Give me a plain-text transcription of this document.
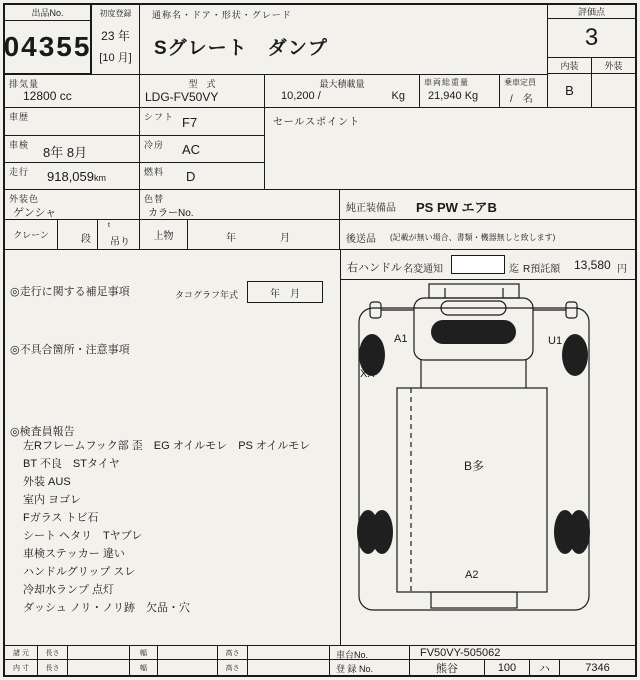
出品No.
04355
初度登録
23 年
[10 月]
通称名・ドア・形状・グレード
Sグレート　ダンプ
評価点
3
内装	外装
B
排気量
12800 cc
型　式
LDG-FV50VY
最大積載量
10,200 /	Kg
車両総重量
21,940 Kg
乗車定員
/　名
車歴	シフト F7	セールスポイント
車検 8年 8月	冷房 AC
走行 918,059km
燃料 D
外装色
ゲンシャ
色替
カラーNo.	純正装備品 PS PW エアB
クレーン	段
t
吊り
上物	年	月	後送品 (記載が無い場合、書類・機器無しと致します)
右ハンドル 名変通知	迄 R預託額 13,580 円
◎走行に関する補足事項	タコグラフ年式	年　月
◎不具合箇所・注意事項
◎検査員報告
左Rフレームフック部 歪　EG オイルモレ　PS オイルモレ
BT 不良　STタイヤ
外装 AUS
室内 ヨゴレ
Fガラス トビ石
シート ヘタリ　Tヤブレ
車検ステッカー 違い
ハンドルグリップ スレ
冷却水ランプ 点灯
ダッシュ ノリ・ノリ跡　欠品・穴
A1	U1
XX
B多
A2
諸 元 長さ	幅	高さ	車台No.	FV50VY-505062
内 寸 長さ	幅	高さ	登 録 No.	熊谷	100 ハ	7346
